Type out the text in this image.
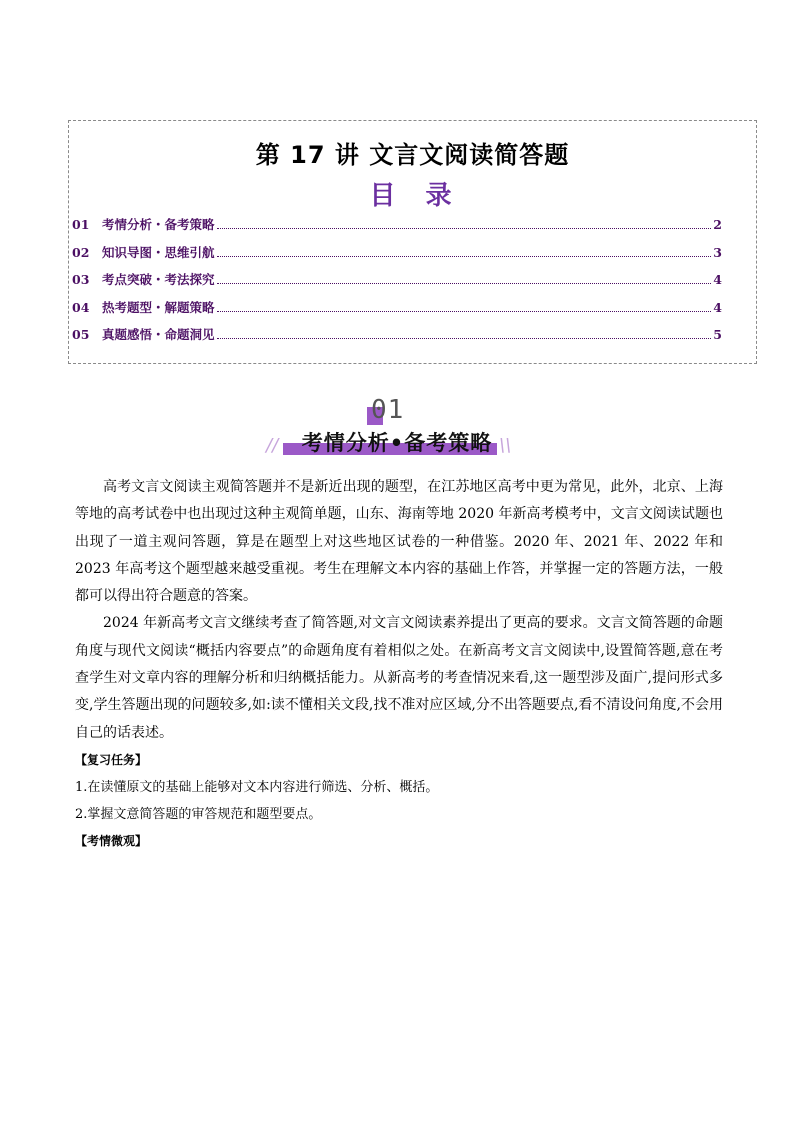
第 17 讲 文言文阅读简答题
目 录
01	考情分析・备考策略	2
02	知识导图・思维引航	3
03	考点突破・考法探究	4
04	热考题型・解题策略	4
05	真题感悟・命题洞见	5
01
//	考情分析•备考策略 \\

高考文言文阅读主观简答题并不是新近出现的题型，在江苏地区高考中更为常见，此外，北京、上海等地的高考试卷中也出现过这种主观简单题，山东、海南等地 2020 年新高考模考中，文言文阅读试题也出现了一道主观问答题，算是在题型上对这些地区试卷的一种借鉴。2020 年、2021 年、2022 年和 2023 年高考这个题型越来越受重视。考生在理解文本内容的基础上作答，并掌握一定的答题方法，一般都可以得出符合题意的答案。

2024 年新高考文言文继续考查了简答题,对文言文阅读素养提出了更高的要求。文言文简答题的命题角度与现代文阅读“概括内容要点”的命题角度有着相似之处。在新高考文言文阅读中,设置简答题,意在考查学生对文章内容的理解分析和归纳概括能力。从新高考的考查情况来看,这一题型涉及面广,提问形式多变,学生答题出现的问题较多,如:读不懂相关文段,找不准对应区域,分不出答题要点,看不清设问角度,不会用自己的话表述。

【复习任务】

1.在读懂原文的基础上能够对文本内容进行筛选、分析、概括。

2.掌握文意简答题的审答规范和题型要点。

【考情微观】
